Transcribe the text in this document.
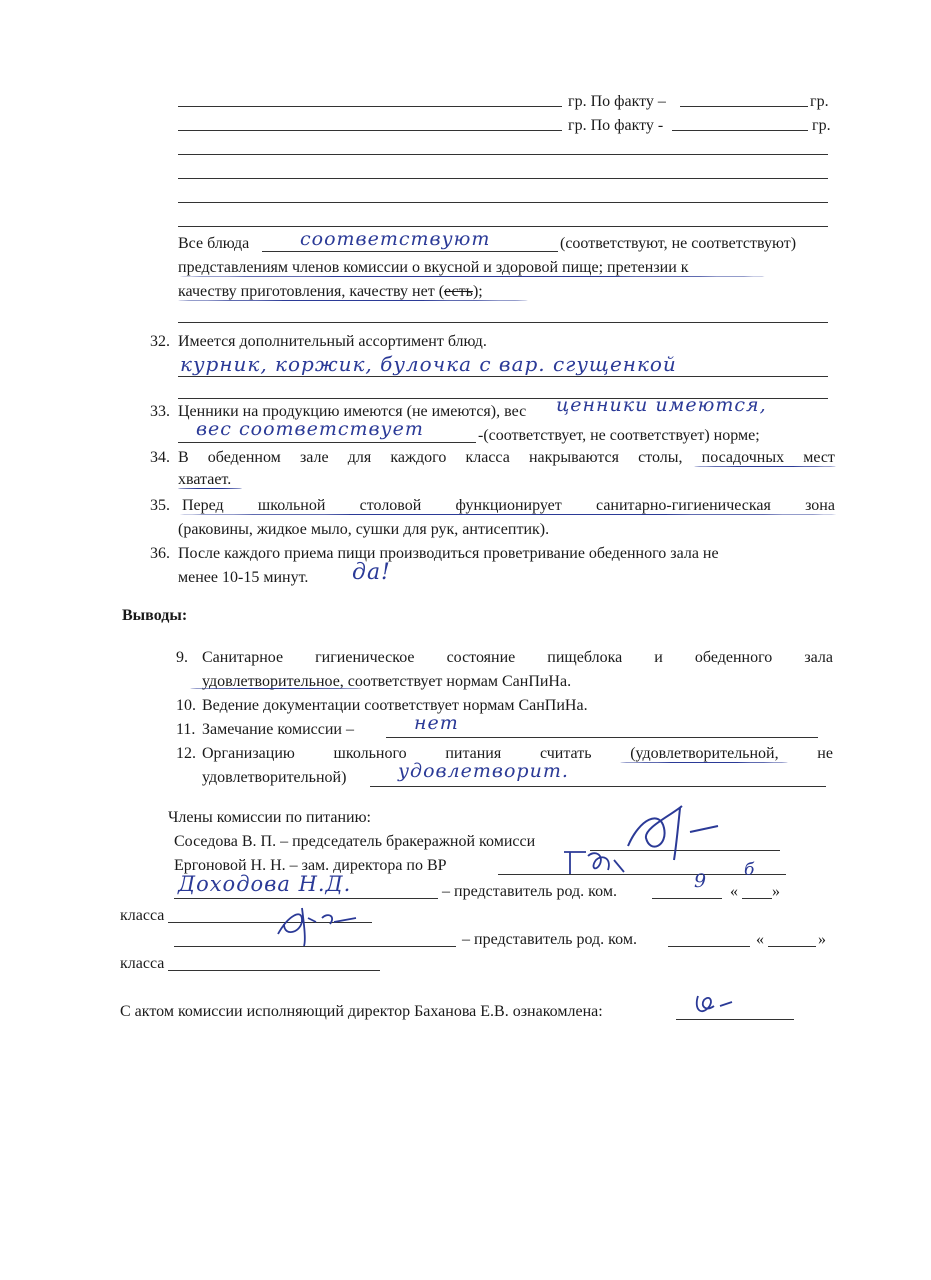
гр. По факту –	гр.
гр. По факту -	гр.
Все блюда	соответствуют	(соответствуют, не соответствуют)
представлениям членов комиссии о вкусной и здоровой пище; претензии к
качеству приготовления, качеству нет (есть);
32. Имеется дополнительный ассортимент блюд.
курник, коржик, булочка с вар. сгущенкой
33. Ценники на продукцию имеются (не имеются), вес ценники имеются,
вес соответствует	-(соответствует, не соответствует) норме;
34. В обеденном зале для каждого класса накрываются столы, посадочных мест
хватает.
35. Перед школьной столовой функционирует санитарно-гигиеническая зона
(раковины, жидкое мыло, сушки для рук, антисептик).
36. После каждого приема пищи производиться проветривание обеденного зала не
менее 10-15 минут. да!
Выводы:
9. Санитарное гигиеническое состояние пищеблока и обеденного зала
удовлетворительное, соответствует нормам СанПиНа.
10. Ведение документации соответствует нормам СанПиНа.
11. Замечание комиссии –	нет
12. Организацию школьного питания считать (удовлетворительной, не
удовлетворительной)	удовлетворит.
Члены комиссии по питанию:
Соседова В. П. – председатель бракеражной комисси
Ергоновой Н. Н. – зам. директора по ВР
Доходова Н.Д.	– представитель род. ком.	9 «
б
»
класса
– представитель род. ком.	«	»
класса
С актом комиссии исполняющий директор Баханова Е.В. ознакомлена:
